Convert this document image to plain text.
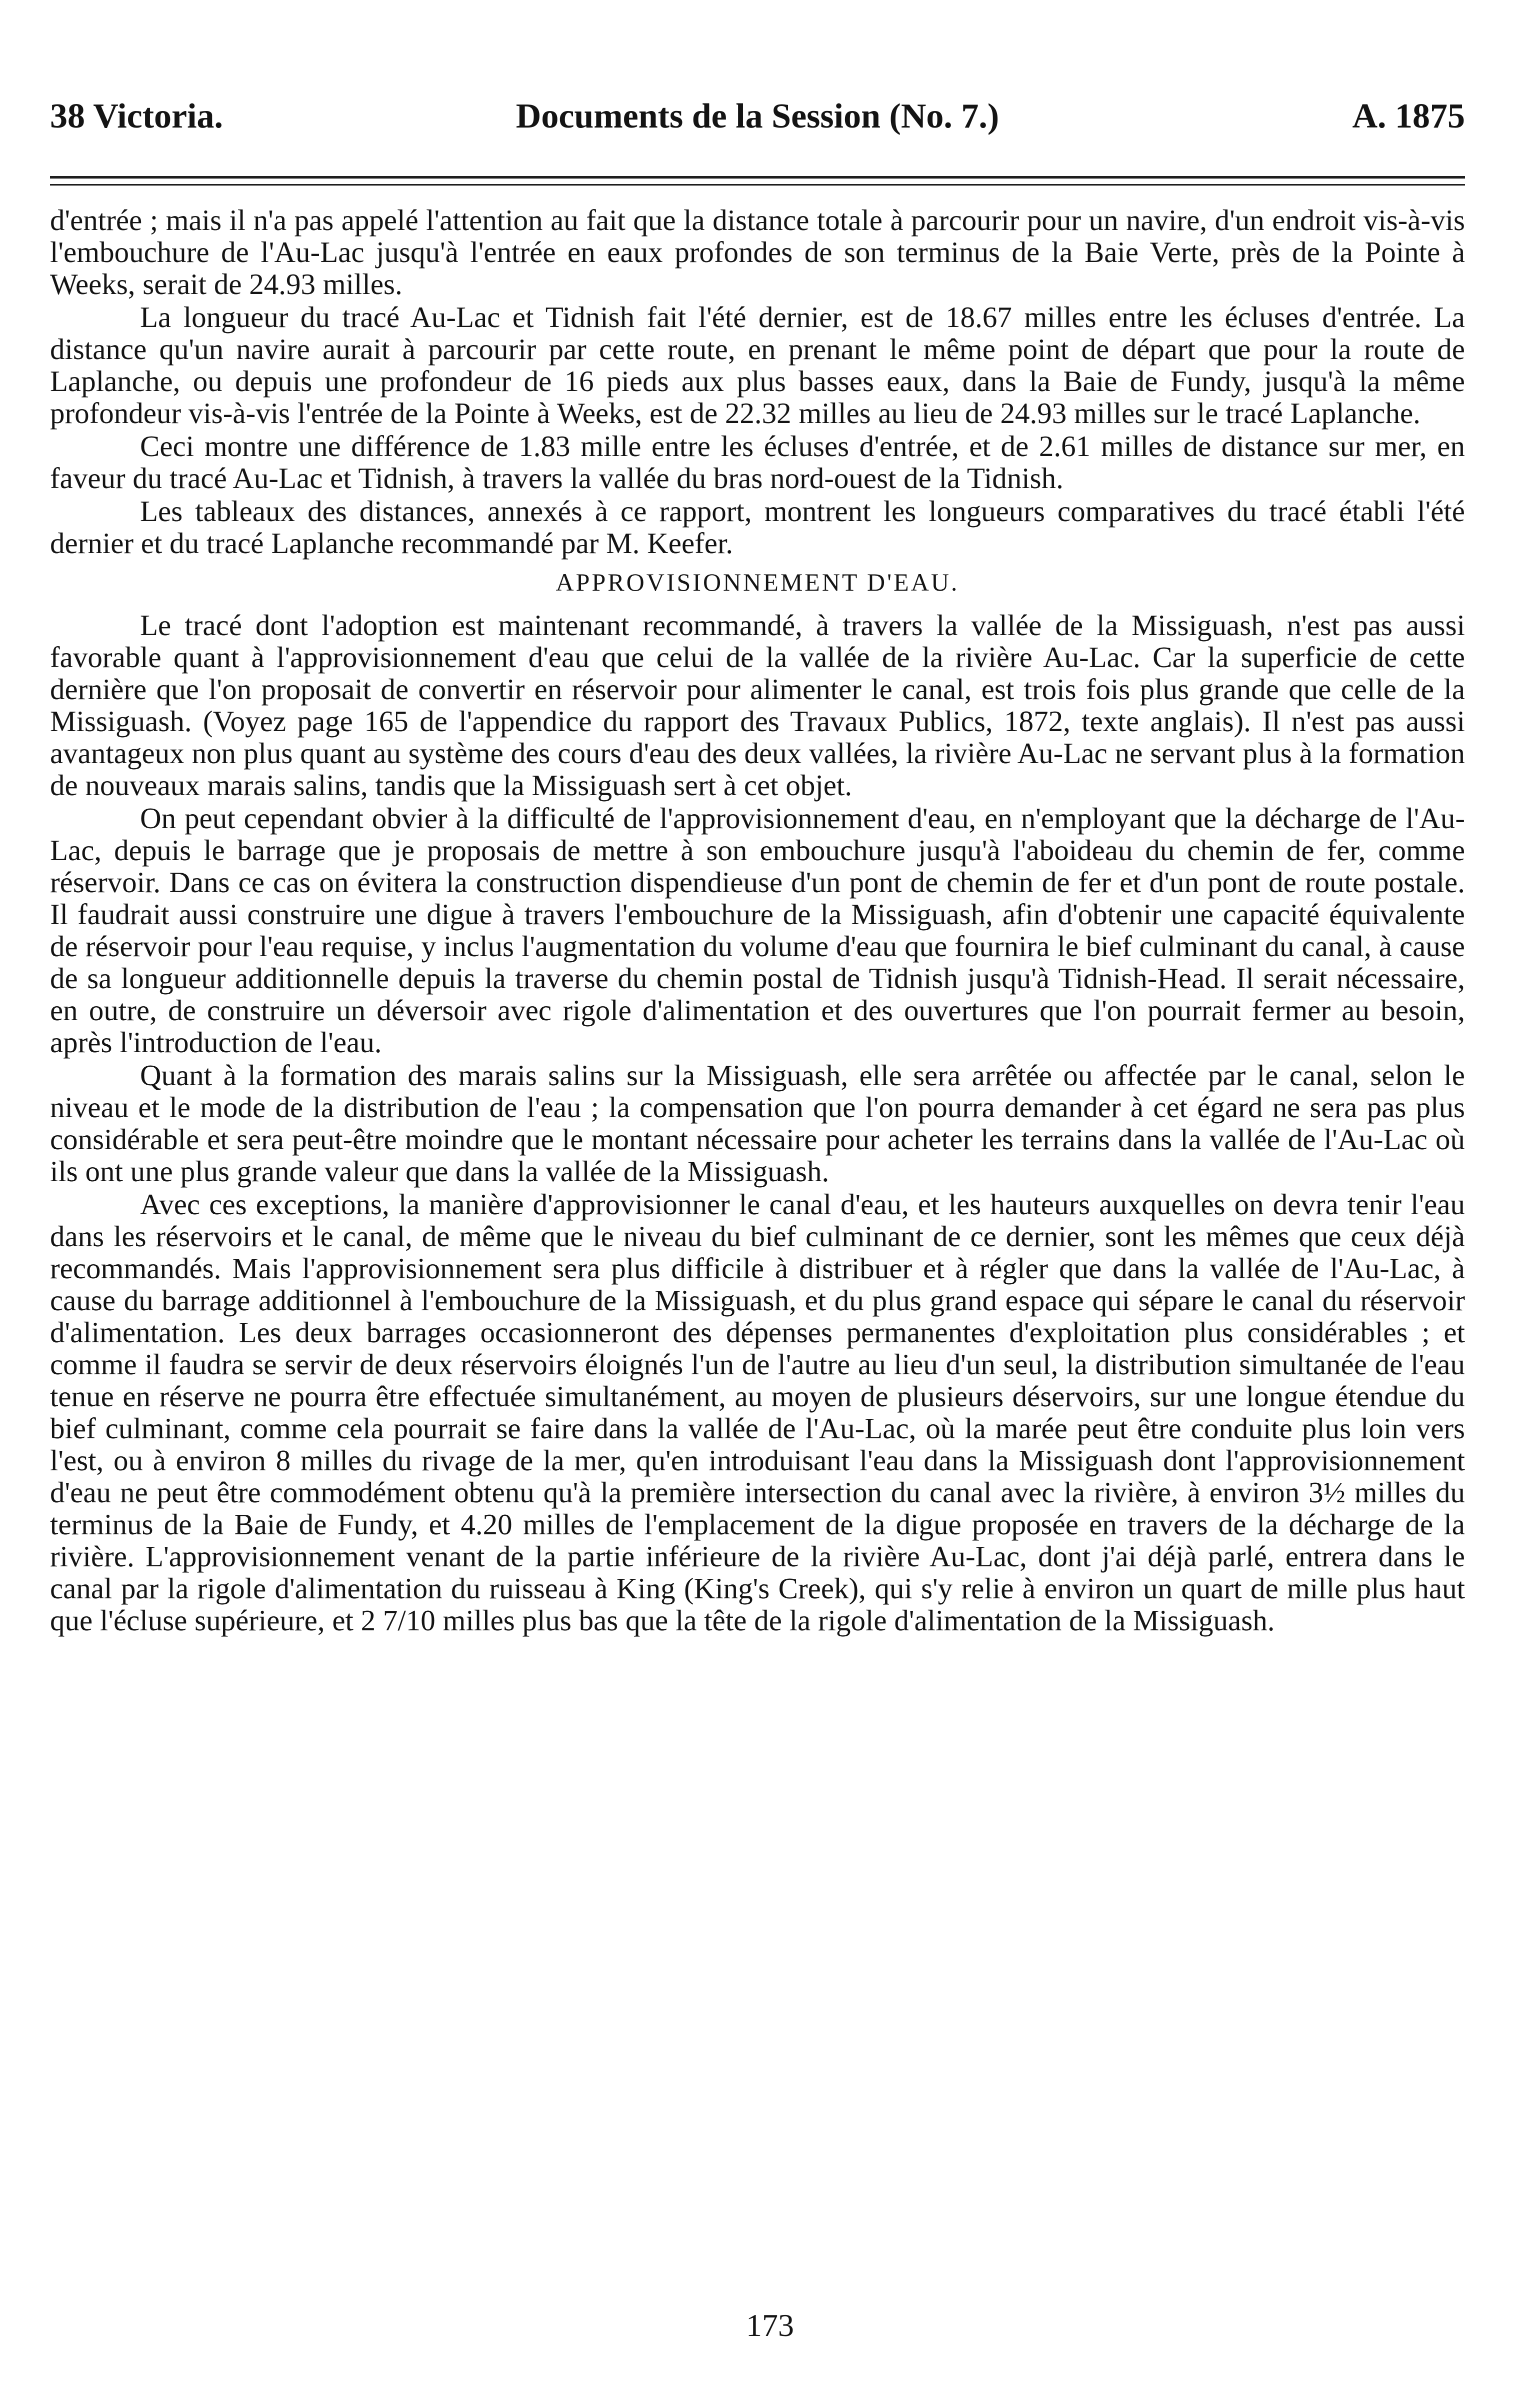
38 Victoria.	Documents de la Session (No. 7.)	A. 1875

d'entrée ; mais il n'a pas appelé l'attention au fait que la distance totale à parcourir pour un navire, d'un endroit vis-à-vis l'embouchure de l'Au-Lac jusqu'à l'entrée en eaux profondes de son terminus de la Baie Verte, près de la Pointe à Weeks, serait de 24.93 milles.

La longueur du tracé Au-Lac et Tidnish fait l'été dernier, est de 18.67 milles entre les écluses d'entrée. La distance qu'un navire aurait à parcourir par cette route, en prenant le même point de départ que pour la route de Laplanche, ou depuis une profondeur de 16 pieds aux plus basses eaux, dans la Baie de Fundy, jusqu'à la même profondeur vis-à-vis l'entrée de la Pointe à Weeks, est de 22.32 milles au lieu de 24.93 milles sur le tracé Laplanche.

Ceci montre une différence de 1.83 mille entre les écluses d'entrée, et de 2.61 milles de distance sur mer, en faveur du tracé Au-Lac et Tidnish, à travers la vallée du bras nord-ouest de la Tidnish.

Les tableaux des distances, annexés à ce rapport, montrent les longueurs comparatives du tracé établi l'été dernier et du tracé Laplanche recommandé par M. Keefer.

APPROVISIONNEMENT D'EAU.

Le tracé dont l'adoption est maintenant recommandé, à travers la vallée de la Missiguash, n'est pas aussi favorable quant à l'approvisionnement d'eau que celui de la vallée de la rivière Au-Lac. Car la superficie de cette dernière que l'on proposait de convertir en réservoir pour alimenter le canal, est trois fois plus grande que celle de la Missiguash. (Voyez page 165 de l'appendice du rapport des Travaux Publics, 1872, texte anglais). Il n'est pas aussi avantageux non plus quant au système des cours d'eau des deux vallées, la rivière Au-Lac ne servant plus à la formation de nouveaux marais salins, tandis que la Missiguash sert à cet objet.

On peut cependant obvier à la difficulté de l'approvisionnement d'eau, en n'employant que la décharge de l'Au-Lac, depuis le barrage que je proposais de mettre à son embouchure jusqu'à l'aboideau du chemin de fer, comme réservoir. Dans ce cas on évitera la construction dispendieuse d'un pont de chemin de fer et d'un pont de route postale. Il faudrait aussi construire une digue à travers l'embouchure de la Missiguash, afin d'obtenir une capacité équivalente de réservoir pour l'eau requise, y inclus l'augmentation du volume d'eau que fournira le bief culminant du canal, à cause de sa longueur additionnelle depuis la traverse du chemin postal de Tidnish jusqu'à Tidnish-Head. Il serait nécessaire, en outre, de construire un déversoir avec rigole d'alimentation et des ouvertures que l'on pourrait fermer au besoin, après l'introduction de l'eau.

Quant à la formation des marais salins sur la Missiguash, elle sera arrêtée ou affectée par le canal, selon le niveau et le mode de la distribution de l'eau ; la compensation que l'on pourra demander à cet égard ne sera pas plus considérable et sera peut-être moindre que le montant nécessaire pour acheter les terrains dans la vallée de l'Au-Lac où ils ont une plus grande valeur que dans la vallée de la Missiguash.

Avec ces exceptions, la manière d'approvisionner le canal d'eau, et les hauteurs auxquelles on devra tenir l'eau dans les réservoirs et le canal, de même que le niveau du bief culminant de ce dernier, sont les mêmes que ceux déjà recommandés. Mais l'approvisionnement sera plus difficile à distribuer et à régler que dans la vallée de l'Au-Lac, à cause du barrage additionnel à l'embouchure de la Missiguash, et du plus grand espace qui sépare le canal du réservoir d'alimentation. Les deux barrages occasionneront des dépenses permanentes d'exploitation plus considérables ; et comme il faudra se servir de deux réservoirs éloignés l'un de l'autre au lieu d'un seul, la distribution simultanée de l'eau tenue en réserve ne pourra être effectuée simultanément, au moyen de plusieurs déservoirs, sur une longue étendue du bief culminant, comme cela pourrait se faire dans la vallée de l'Au-Lac, où la marée peut être conduite plus loin vers l'est, ou à environ 8 milles du rivage de la mer, qu'en introduisant l'eau dans la Missiguash dont l'approvisionnement d'eau ne peut être commodément obtenu qu'à la première intersection du canal avec la rivière, à environ 3½ milles du terminus de la Baie de Fundy, et 4.20 milles de l'emplacement de la digue proposée en travers de la décharge de la rivière. L'approvisionnement venant de la partie inférieure de la rivière Au-Lac, dont j'ai déjà parlé, entrera dans le canal par la rigole d'alimentation du ruisseau à King (King's Creek), qui s'y relie à environ un quart de mille plus haut que l'écluse supérieure, et 2 7/10 milles plus bas que la tête de la rigole d'alimentation de la Missiguash.

173
